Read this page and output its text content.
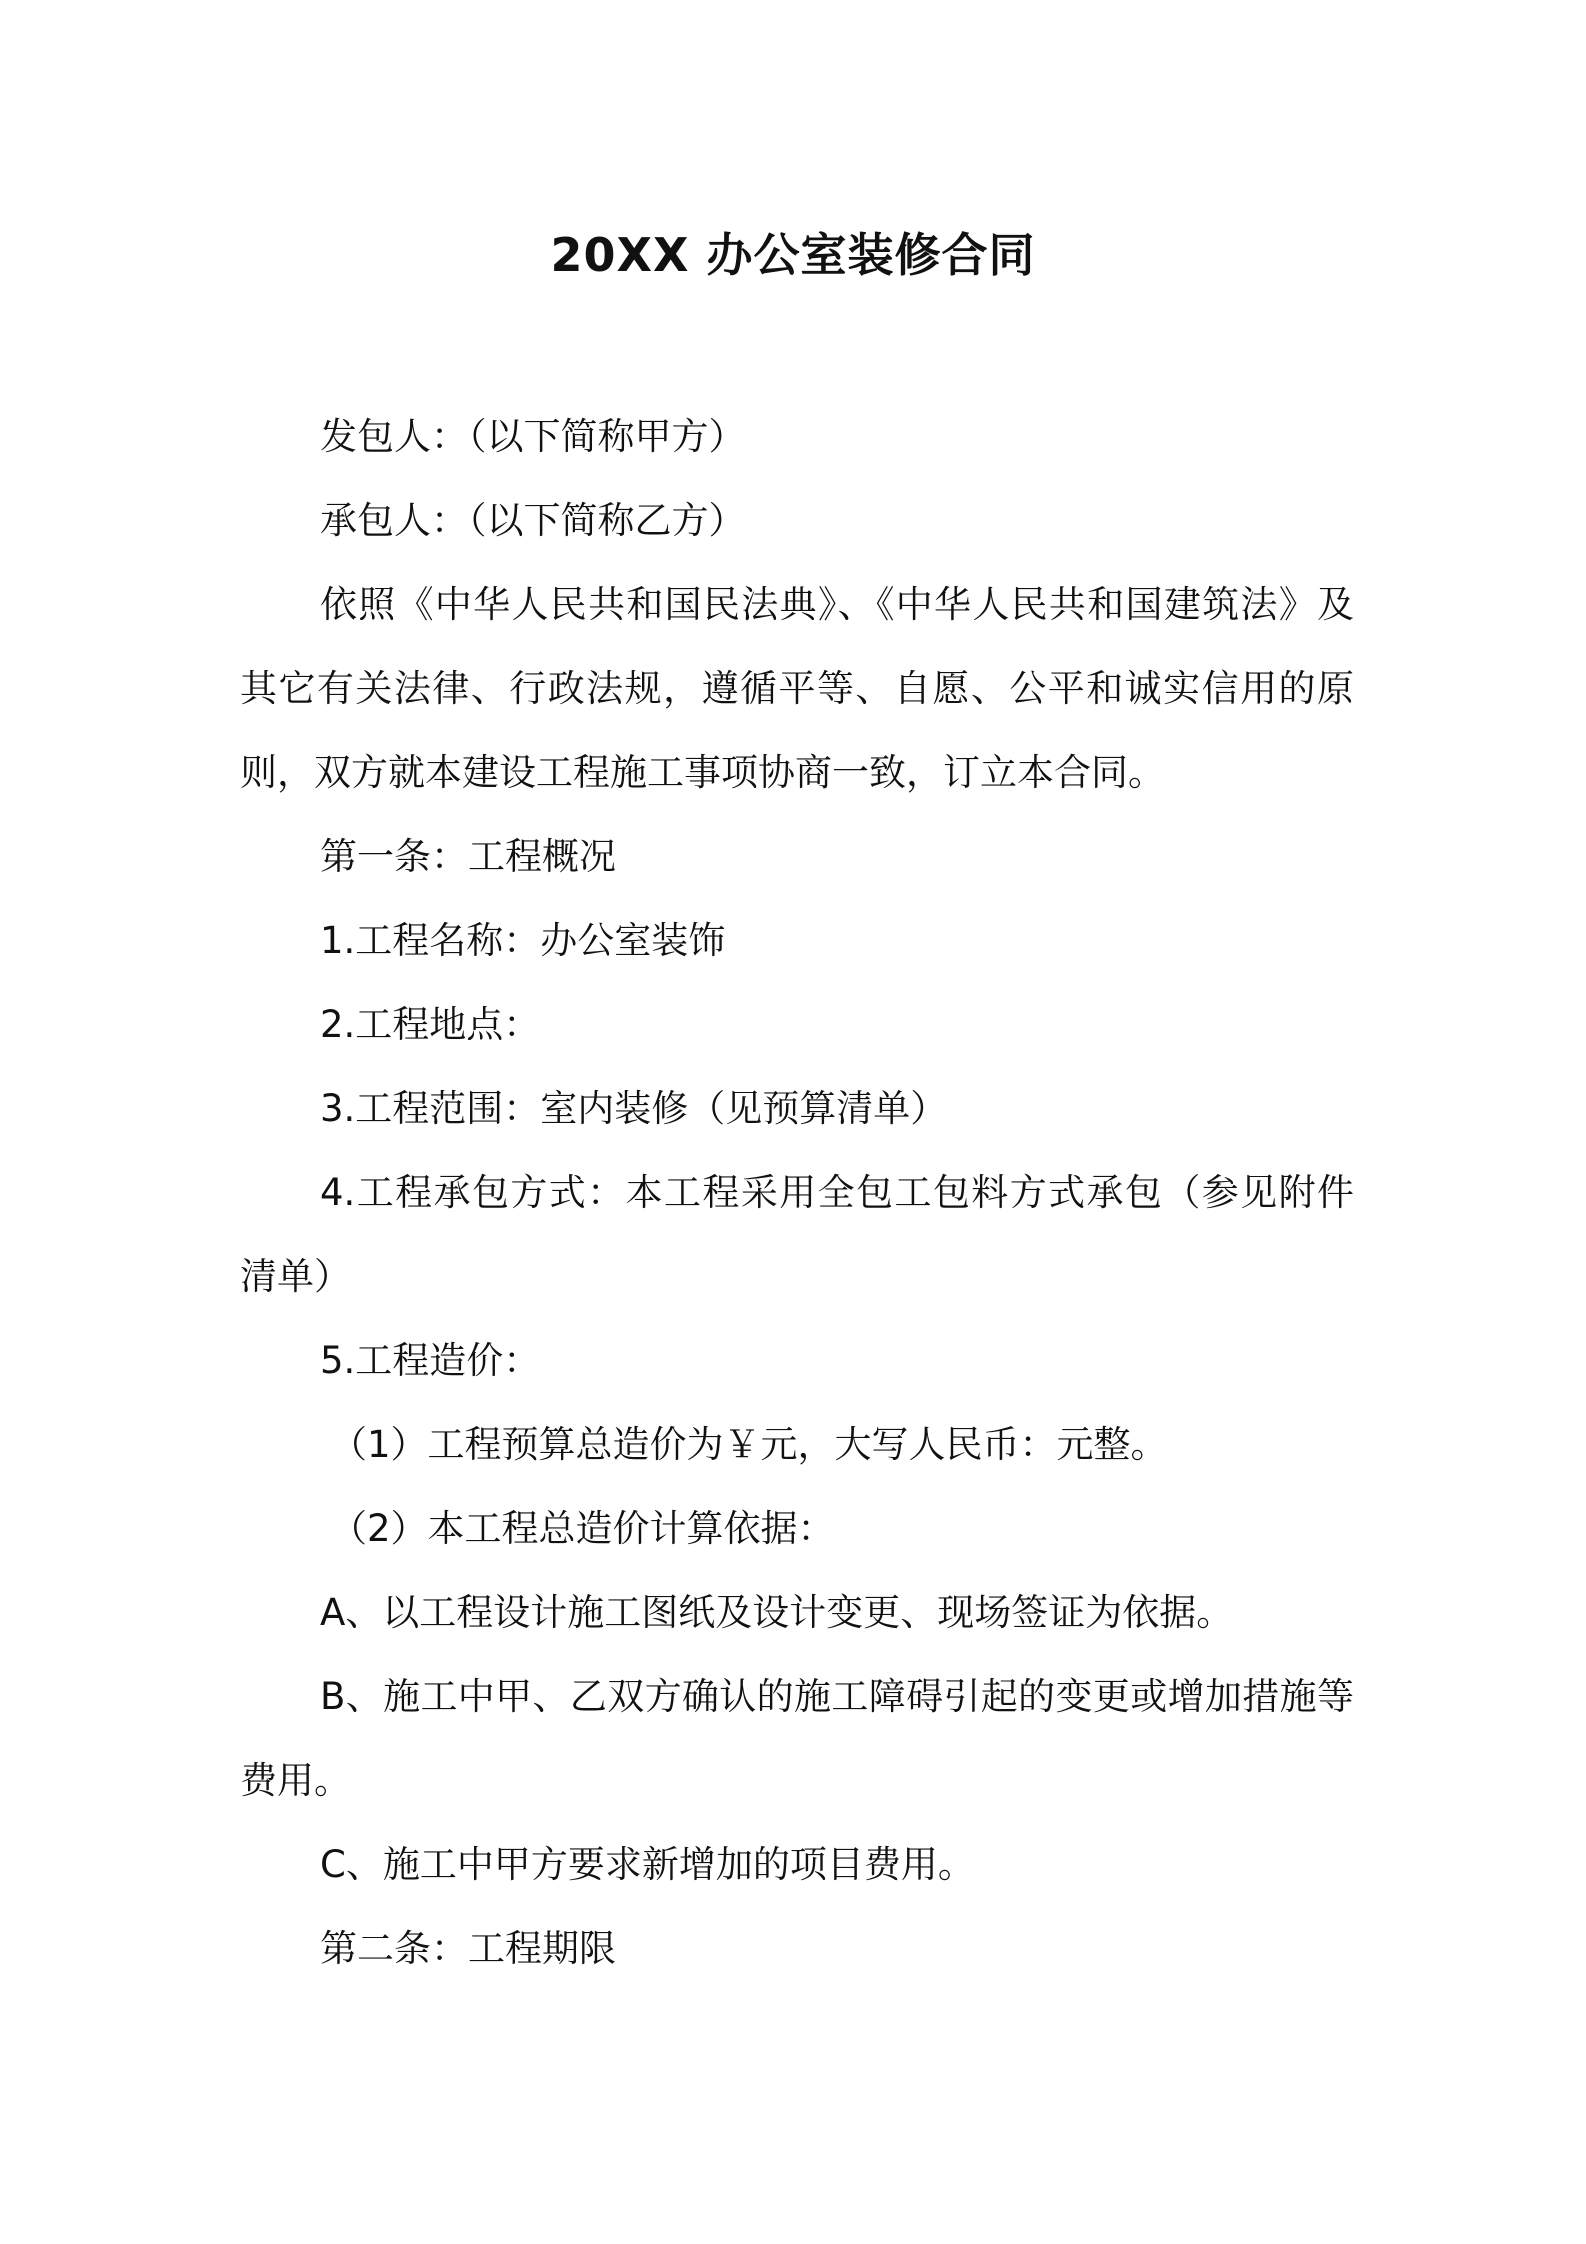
20XX 办公室装修合同

发包人：（以下简称甲方）

承包人：（以下简称乙方）

依照《中华人民共和国民法典》、《中华人民共和国建筑法》及其它有关法律、行政法规，遵循平等、自愿、公平和诚实信用的原则，双方就本建设工程施工事项协商一致，订立本合同。

第一条：工程概况

1.工程名称：办公室装饰

2.工程地点：

3.工程范围：室内装修（见预算清单）

4.工程承包方式：本工程采用全包工包料方式承包（参见附件清单）

5.工程造价：

（1）工程预算总造价为￥元，大写人民币：元整。

（2）本工程总造价计算依据：

A、以工程设计施工图纸及设计变更、现场签证为依据。

B、施工中甲、乙双方确认的施工障碍引起的变更或增加措施等费用。

C、施工中甲方要求新增加的项目费用。

第二条：工程期限
